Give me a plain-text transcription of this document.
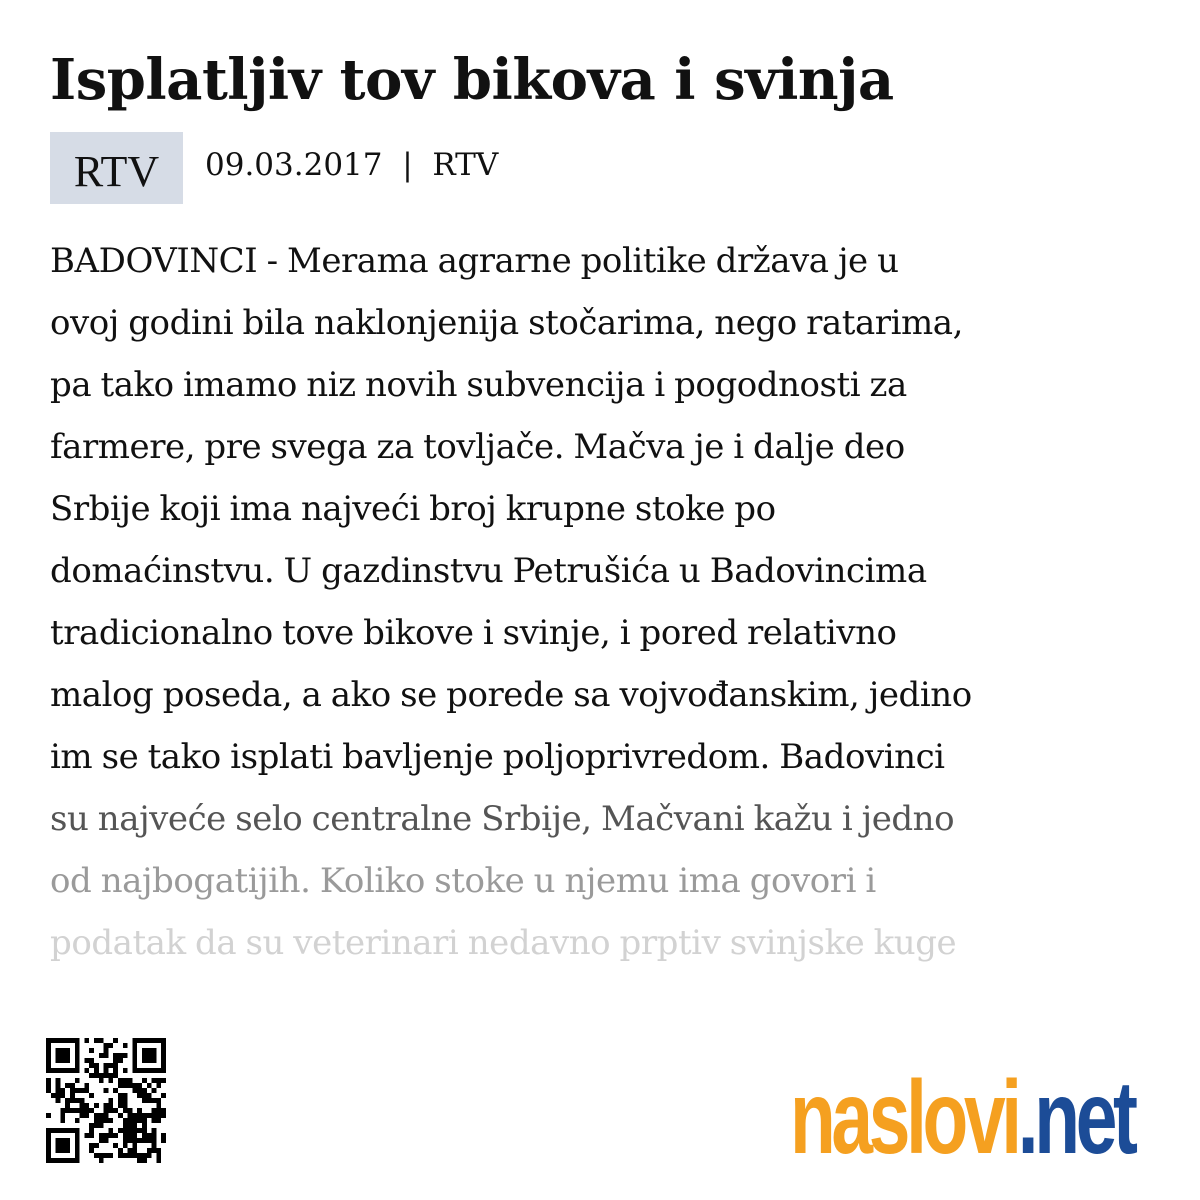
Isplatljiv tov bikova i svinja
RTV	09.03.2017 | RTV
BADOVINCI - Merama agrarne politike država je u
ovoj godini bila naklonjenija stočarima, nego ratarima,
pa tako imamo niz novih subvencija i pogodnosti za
farmere, pre svega za tovljače. Mačva je i dalje deo
Srbije koji ima najveći broj krupne stoke po
domaćinstvu. U gazdinstvu Petrušića u Badovincima
tradicionalno tove bikove i svinje, i pored relativno
malog poseda, a ako se porede sa vojvođanskim, jedino
im se tako isplati bavljenje poljoprivredom. Badovinci
su najveće selo centralne Srbije, Mačvani kažu i jedno
od najbogatijih. Koliko stoke u njemu ima govori i
podatak da su veterinari nedavno prptiv svinjske kuge
naslovi . net
